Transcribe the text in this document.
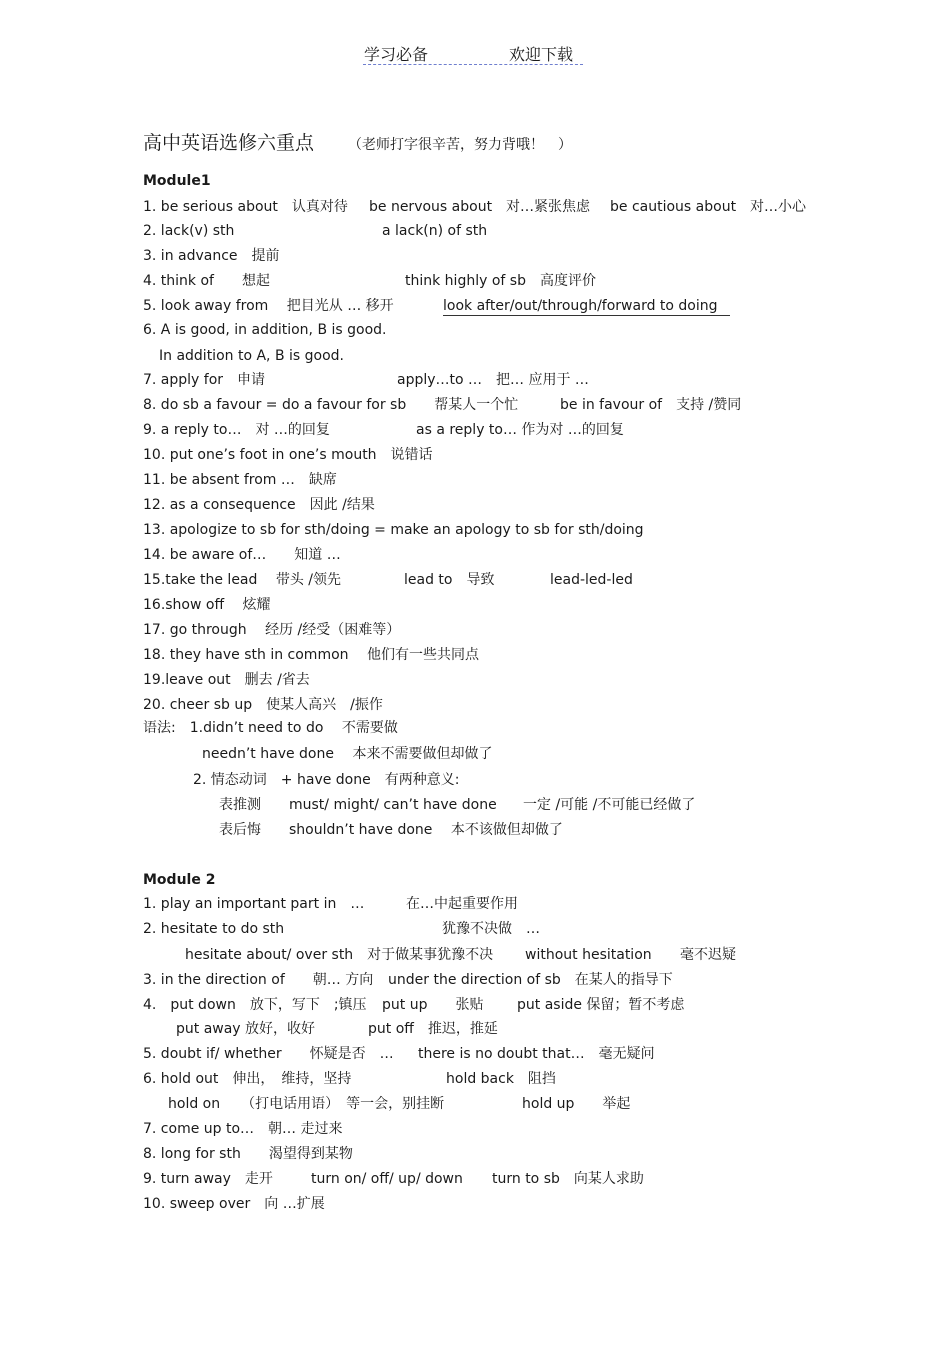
学习必备	欢迎下载
高中英语选修六重点 （老师打字很辛苦，努力背哦！　）
Module1
1. be serious about　认真对待 be nervous about　对…紧张焦虑 be cautious about　对…小心
2. lack(v) sth	a lack(n) of sth
3. in advance　提前
4. think of　　想起	think highly of sb　高度评价
5. look away from　 把目光从 … 移开	look after/out/through/forward to doing
6. A is good, in addition, B is good.
In addition to A, B is good.
7. apply for　申请	apply…to …　把… 应用于 …
8. do sb a favour = do a favour for sb　　帮某人一个忙	be in favour of　支持 /赞同
9. a reply to…　对 …的回复	as a reply to… 作为对 …的回复
10. put one’s foot in one’s mouth　说错话
11. be absent from …　缺席
12. as a consequence　因此 /结果
13. apologize to sb for sth/doing = make an apology to sb for sth/doing
14. be aware of…　　知道 …
15.take the lead　 带头 /领先	lead to　导致	lead-led-led
16.show off　 炫耀
17. go through　 经历 /经受（困难等）
18. they have sth in common　 他们有一些共同点
19.leave out　删去 /省去
20. cheer sb up　使某人高兴　/振作
语法:　1.didn’t need to do　 不需要做
needn’t have done　 本来不需要做但却做了
2. 情态动词　+ have done　有两种意义:
表推测　　must/ might/ can’t have done 一定 /可能 /不可能已经做了
表后悔　　shouldn’t have done　 本不该做但却做了
Module 2
1. play an important part in　…	在…中起重要作用
2. hesitate to do sth	犹豫不决做　…
hesitate about/ over sth　对于做某事犹豫不决 without hesitation 毫不迟疑
3. in the direction of　　朝… 方向 under the direction of sb　在某人的指导下
4.　put down　放下，写下　;镇压 put up　　张贴 put aside 保留；暂不考虑
put away 放好，收好	put off　推迟，推延
5. doubt if/ whether　　怀疑是否　… there is no doubt that…　毫无疑问
6. hold out　伸出，　维持，坚持	hold back　阻挡
hold on　　（打电话用语）　等一会，别挂断	hold up　　举起
7. come up to…　朝… 走过来
8. long for sth　　渴望得到某物
9. turn away　走开	turn on/ off/ up/ down turn to sb　向某人求助
10. sweep over　向 …扩展
